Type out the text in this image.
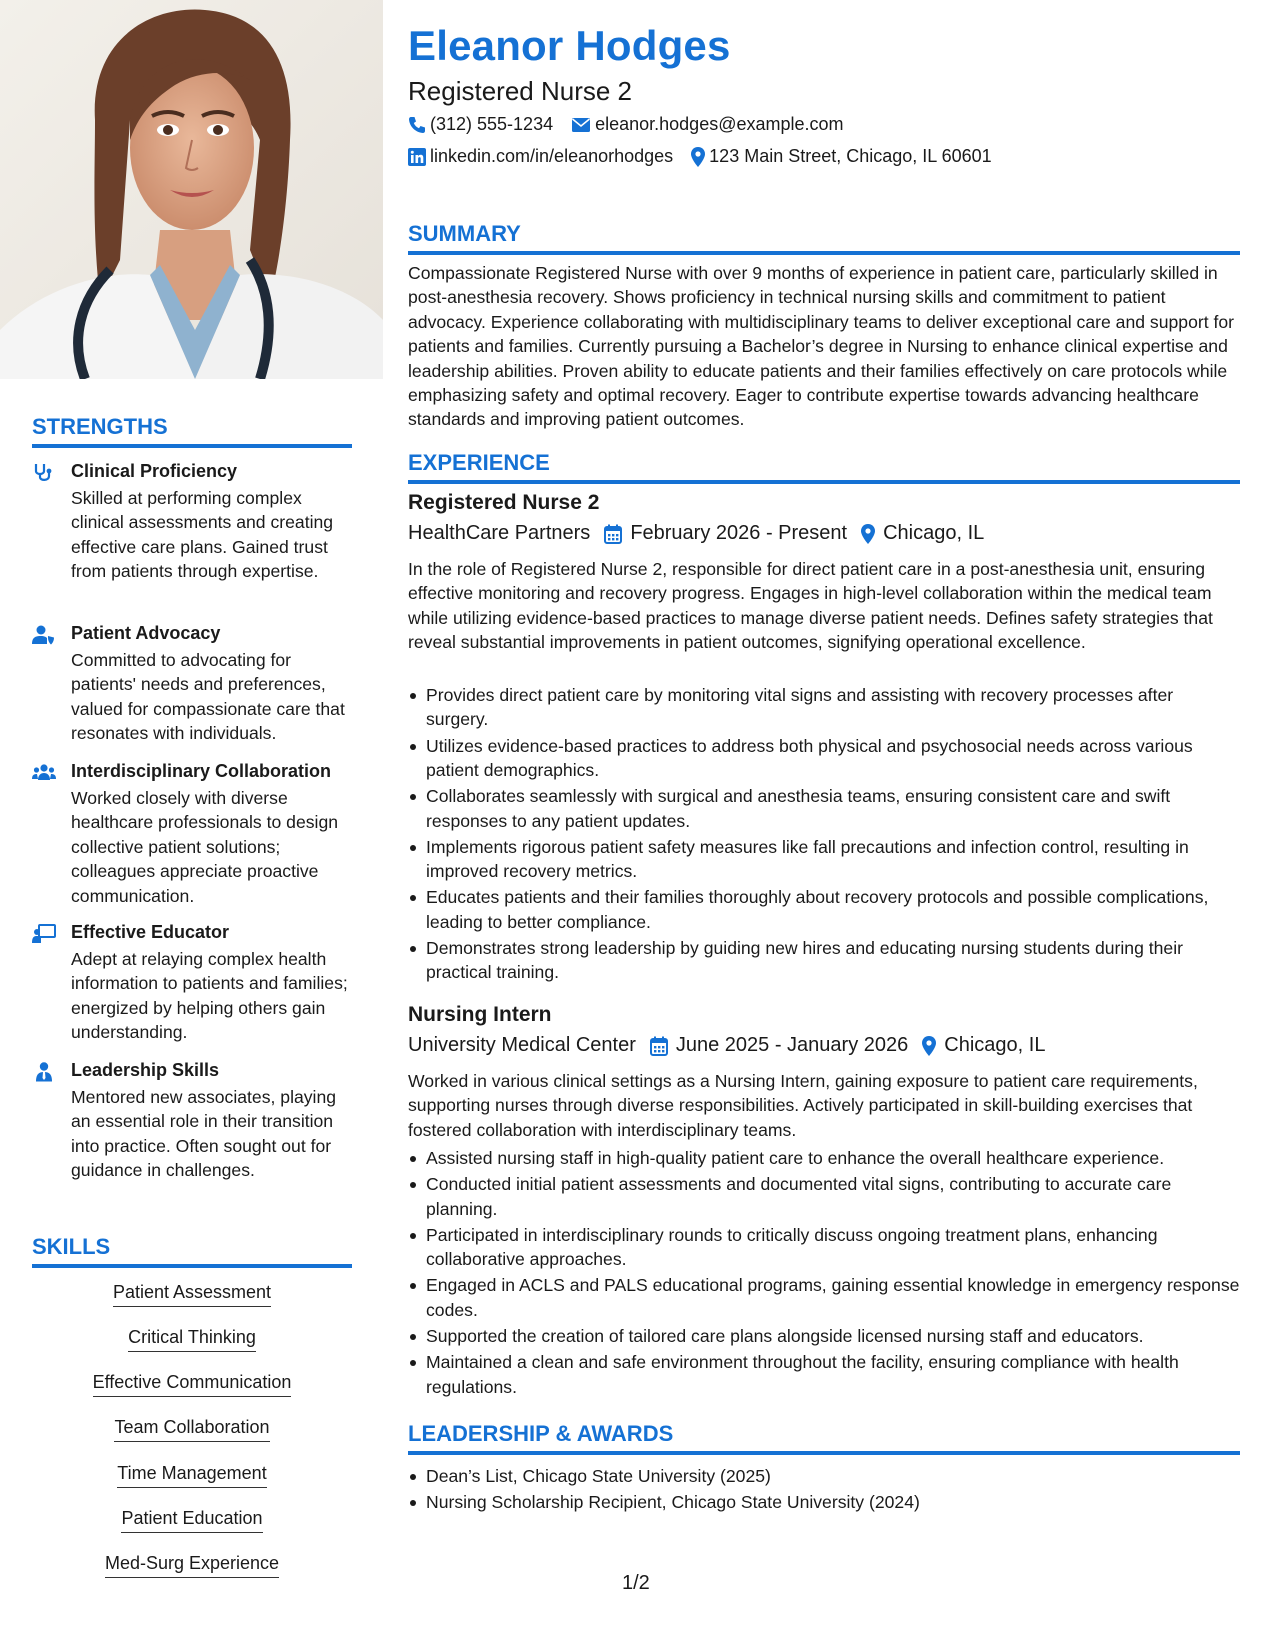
STRENGTHS
Clinical Proficiency
Skilled at performing complex clinical assessments and creating effective care plans. Gained trust from patients through expertise.
Patient Advocacy
Committed to advocating for patients' needs and preferences, valued for compassionate care that resonates with individuals.
Interdisciplinary Collaboration
Worked closely with diverse healthcare professionals to design collective patient solutions; colleagues appreciate proactive communication.
Effective Educator
Adept at relaying complex health information to patients and families; energized by helping others gain understanding.
Leadership Skills
Mentored new associates, playing an essential role in their transition into practice. Often sought out for guidance in challenges.
SKILLS
Patient Assessment
Critical Thinking
Effective Communication
Team Collaboration
Time Management
Patient Education
Med-Surg Experience
Eleanor Hodges
Registered Nurse 2
(312) 555-1234 eleanor.hodges@example.com
linkedin.com/in/eleanorhodges 123 Main Street, Chicago, IL 60601
SUMMARY
Compassionate Registered Nurse with over 9 months of experience in patient care, particularly skilled in post-anesthesia recovery. Shows proficiency in technical nursing skills and commitment to patient advocacy. Experience collaborating with multidisciplinary teams to deliver exceptional care and support for patients and families. Currently pursuing a Bachelor’s degree in Nursing to enhance clinical expertise and leadership abilities. Proven ability to educate patients and their families effectively on care protocols while emphasizing safety and optimal recovery. Eager to contribute expertise towards advancing healthcare standards and improving patient outcomes.
EXPERIENCE
Registered Nurse 2
HealthCare Partners February 2026 - Present Chicago, IL
In the role of Registered Nurse 2, responsible for direct patient care in a post-anesthesia unit, ensuring effective monitoring and recovery progress. Engages in high-level collaboration within the medical team while utilizing evidence-based practices to manage diverse patient needs. Defines safety strategies that reveal substantial improvements in patient outcomes, signifying operational excellence.
Provides direct patient care by monitoring vital signs and assisting with recovery processes after surgery.
Utilizes evidence-based practices to address both physical and psychosocial needs across various patient demographics.
Collaborates seamlessly with surgical and anesthesia teams, ensuring consistent care and swift responses to any patient updates.
Implements rigorous patient safety measures like fall precautions and infection control, resulting in improved recovery metrics.
Educates patients and their families thoroughly about recovery protocols and possible complications, leading to better compliance.
Demonstrates strong leadership by guiding new hires and educating nursing students during their practical training.
Nursing Intern
University Medical Center June 2025 - January 2026 Chicago, IL
Worked in various clinical settings as a Nursing Intern, gaining exposure to patient care requirements, supporting nurses through diverse responsibilities. Actively participated in skill-building exercises that fostered collaboration with interdisciplinary teams.
Assisted nursing staff in high-quality patient care to enhance the overall healthcare experience.
Conducted initial patient assessments and documented vital signs, contributing to accurate care planning.
Participated in interdisciplinary rounds to critically discuss ongoing treatment plans, enhancing collaborative approaches.
Engaged in ACLS and PALS educational programs, gaining essential knowledge in emergency response codes.
Supported the creation of tailored care plans alongside licensed nursing staff and educators.
Maintained a clean and safe environment throughout the facility, ensuring compliance with health regulations.
LEADERSHIP & AWARDS
Dean’s List, Chicago State University (2025)
Nursing Scholarship Recipient, Chicago State University (2024)
1/2
